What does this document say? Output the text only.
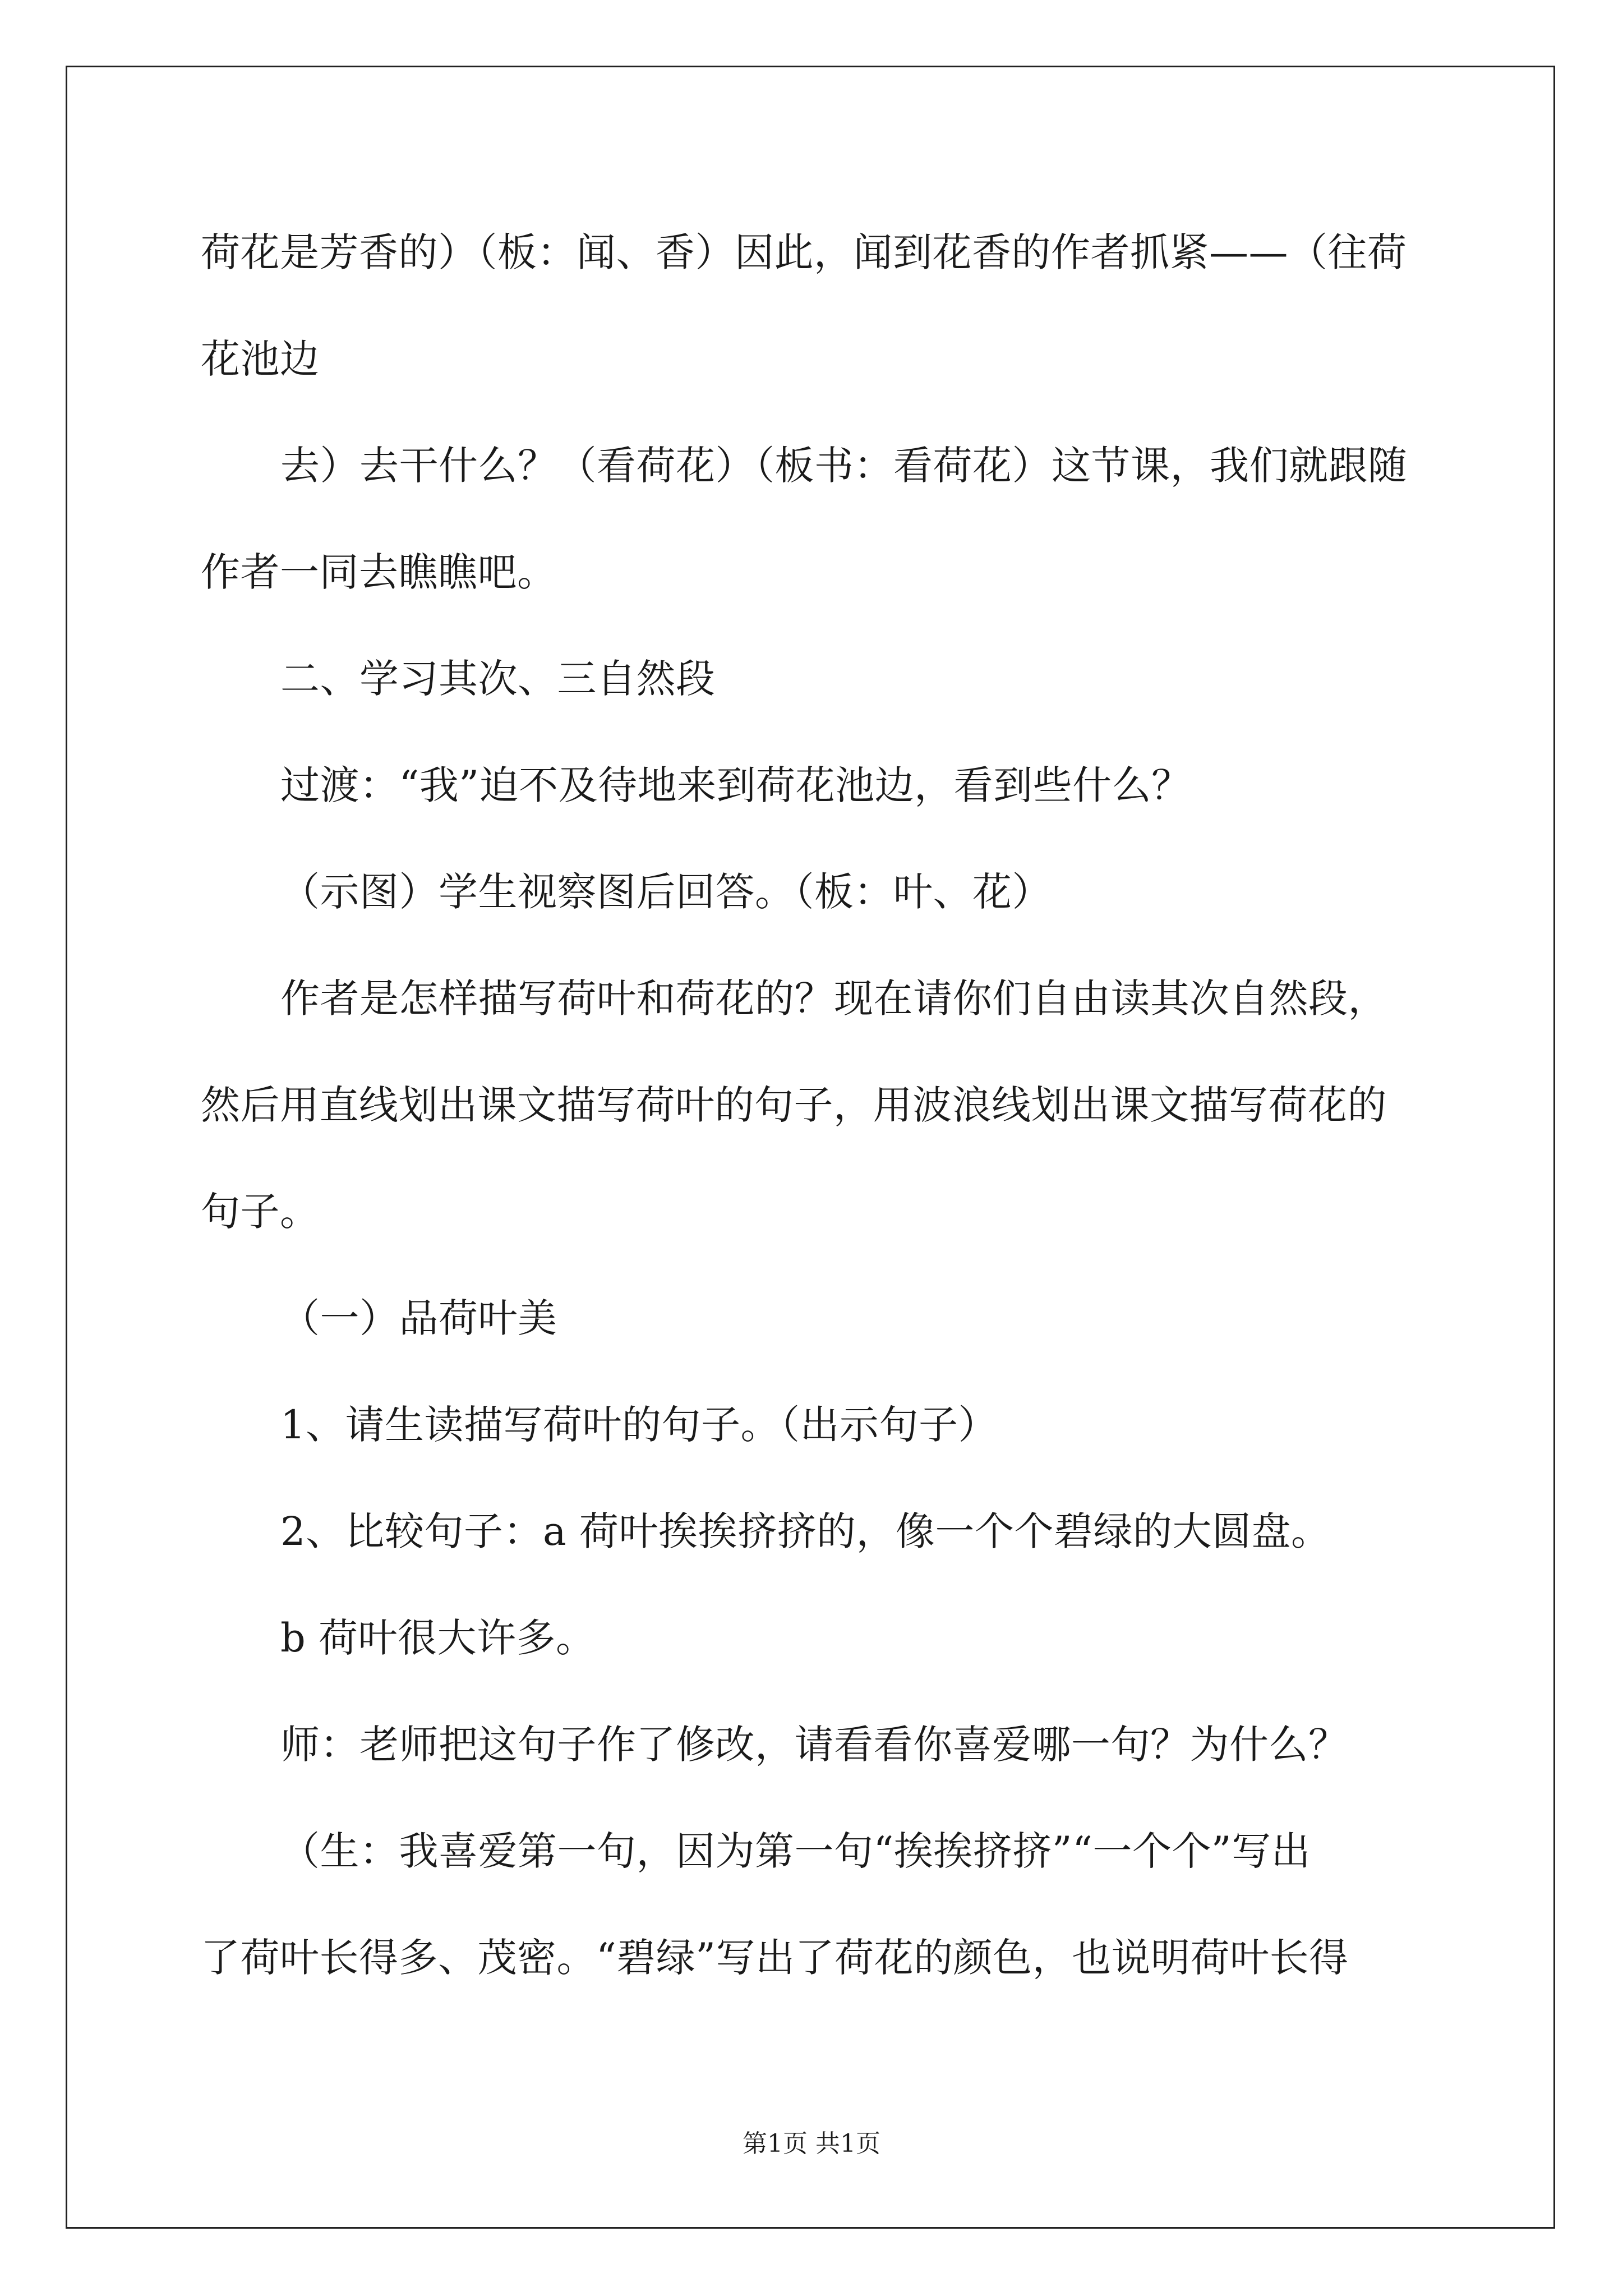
荷花是芳香的）（板：闻、香）因此，闻到花香的作者抓紧——（往荷
花池边
去）去干什么？（看荷花）（板书：看荷花）这节课，我们就跟随
作者一同去瞧瞧吧。
二、学习其次、三自然段
过渡：“我”迫不及待地来到荷花池边，看到些什么？
（示图）学生视察图后回答。（板：叶、花）
作者是怎样描写荷叶和荷花的？现在请你们自由读其次自然段，
然后用直线划出课文描写荷叶的句子，用波浪线划出课文描写荷花的
句子。
（一）品荷叶美
1、请生读描写荷叶的句子。（出示句子）
2、比较句子：a 荷叶挨挨挤挤的，像一个个碧绿的大圆盘。
b 荷叶很大许多。
师：老师把这句子作了修改，请看看你喜爱哪一句？为什么？
（生：我喜爱第一句，因为第一句“挨挨挤挤”“一个个”写出
了荷叶长得多、茂密。“碧绿”写出了荷花的颜色，也说明荷叶长得
第1页 共1页
